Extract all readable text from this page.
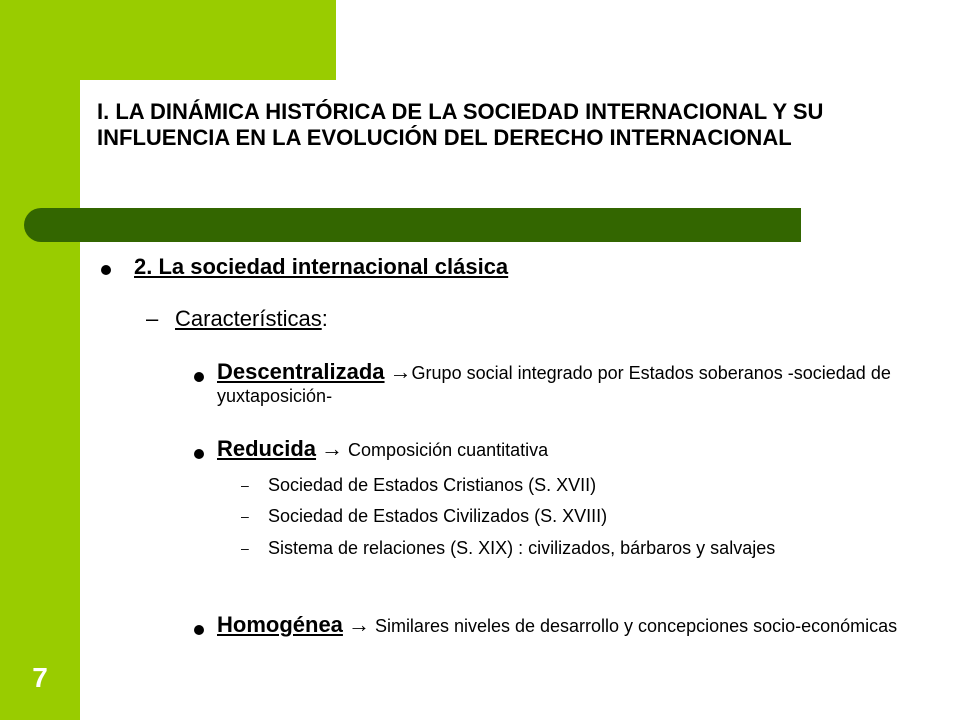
I. LA DINÁMICA HISTÓRICA DE LA SOCIEDAD INTERNACIONAL Y SU INFLUENCIA EN LA EVOLUCIÓN DEL DERECHO INTERNACIONAL
2. La sociedad internacional clásica
– Características:
Descentralizada →Grupo social integrado por Estados soberanos -sociedad de yuxtaposición-
Reducida → Composición cuantitativa
– Sociedad de Estados Cristianos (S. XVII)
– Sociedad de Estados Civilizados (S. XVIII)
– Sistema de relaciones (S. XIX) : civilizados, bárbaros y salvajes
Homogénea → Similares niveles de desarrollo y concepciones socio-económicas
7
